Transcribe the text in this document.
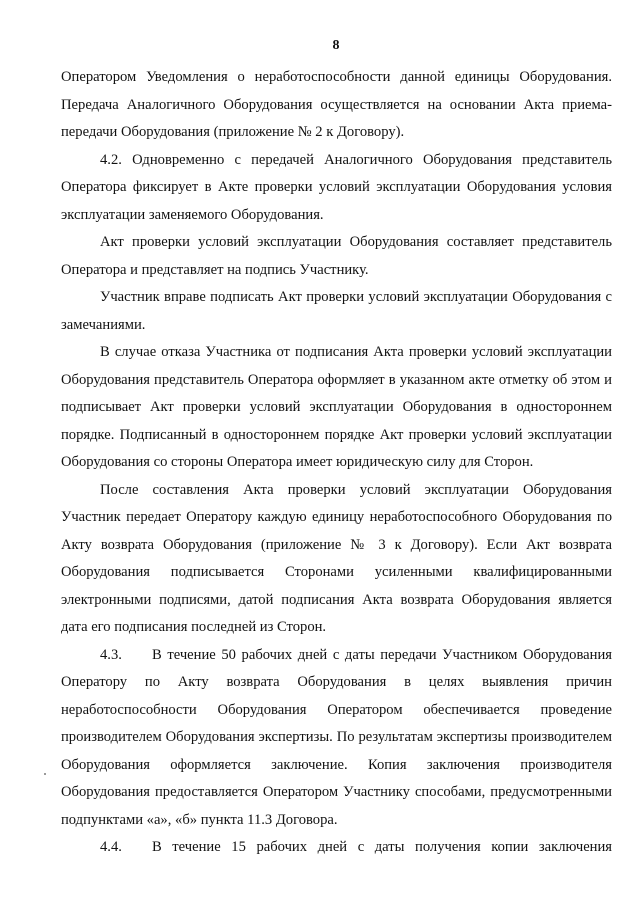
8

Оператором Уведомления о неработоспособности данной единицы Оборудования. Передача Аналогичного Оборудования осуществляется на основании Акта приема-передачи Оборудования (приложение № 2 к Договору).

4.2. Одновременно с передачей Аналогичного Оборудования представитель Оператора фиксирует в Акте проверки условий эксплуатации Оборудования условия эксплуатации заменяемого Оборудования.

Акт проверки условий эксплуатации Оборудования составляет представитель Оператора и представляет на подпись Участнику.

Участник вправе подписать Акт проверки условий эксплуатации Оборудования с замечаниями.

В случае отказа Участника от подписания Акта проверки условий эксплуатации Оборудования представитель Оператора оформляет в указанном акте отметку об этом и подписывает Акт проверки условий эксплуатации Оборудования в одностороннем порядке. Подписанный в одностороннем порядке Акт проверки условий эксплуатации Оборудования со стороны Оператора имеет юридическую силу для Сторон.

После составления Акта проверки условий эксплуатации Оборудования Участник передает Оператору каждую единицу неработоспособного Оборудования по Акту возврата Оборудования (приложение № 3 к Договору). Если Акт возврата Оборудования подписывается Сторонами усиленными квалифицированными электронными подписями, датой подписания Акта возврата Оборудования является дата его подписания последней из Сторон.

4.3. В течение 50 рабочих дней с даты передачи Участником Оборудования Оператору по Акту возврата Оборудования в целях выявления причин неработоспособности Оборудования Оператором обеспечивается проведение производителем Оборудования экспертизы. По результатам экспертизы производителем Оборудования оформляется заключение. Копия заключения производителя Оборудования предоставляется Оператором Участнику способами, предусмотренными подпунктами «а», «б» пункта 11.3 Договора.

4.4. В течение 15 рабочих дней с даты получения копии заключения
